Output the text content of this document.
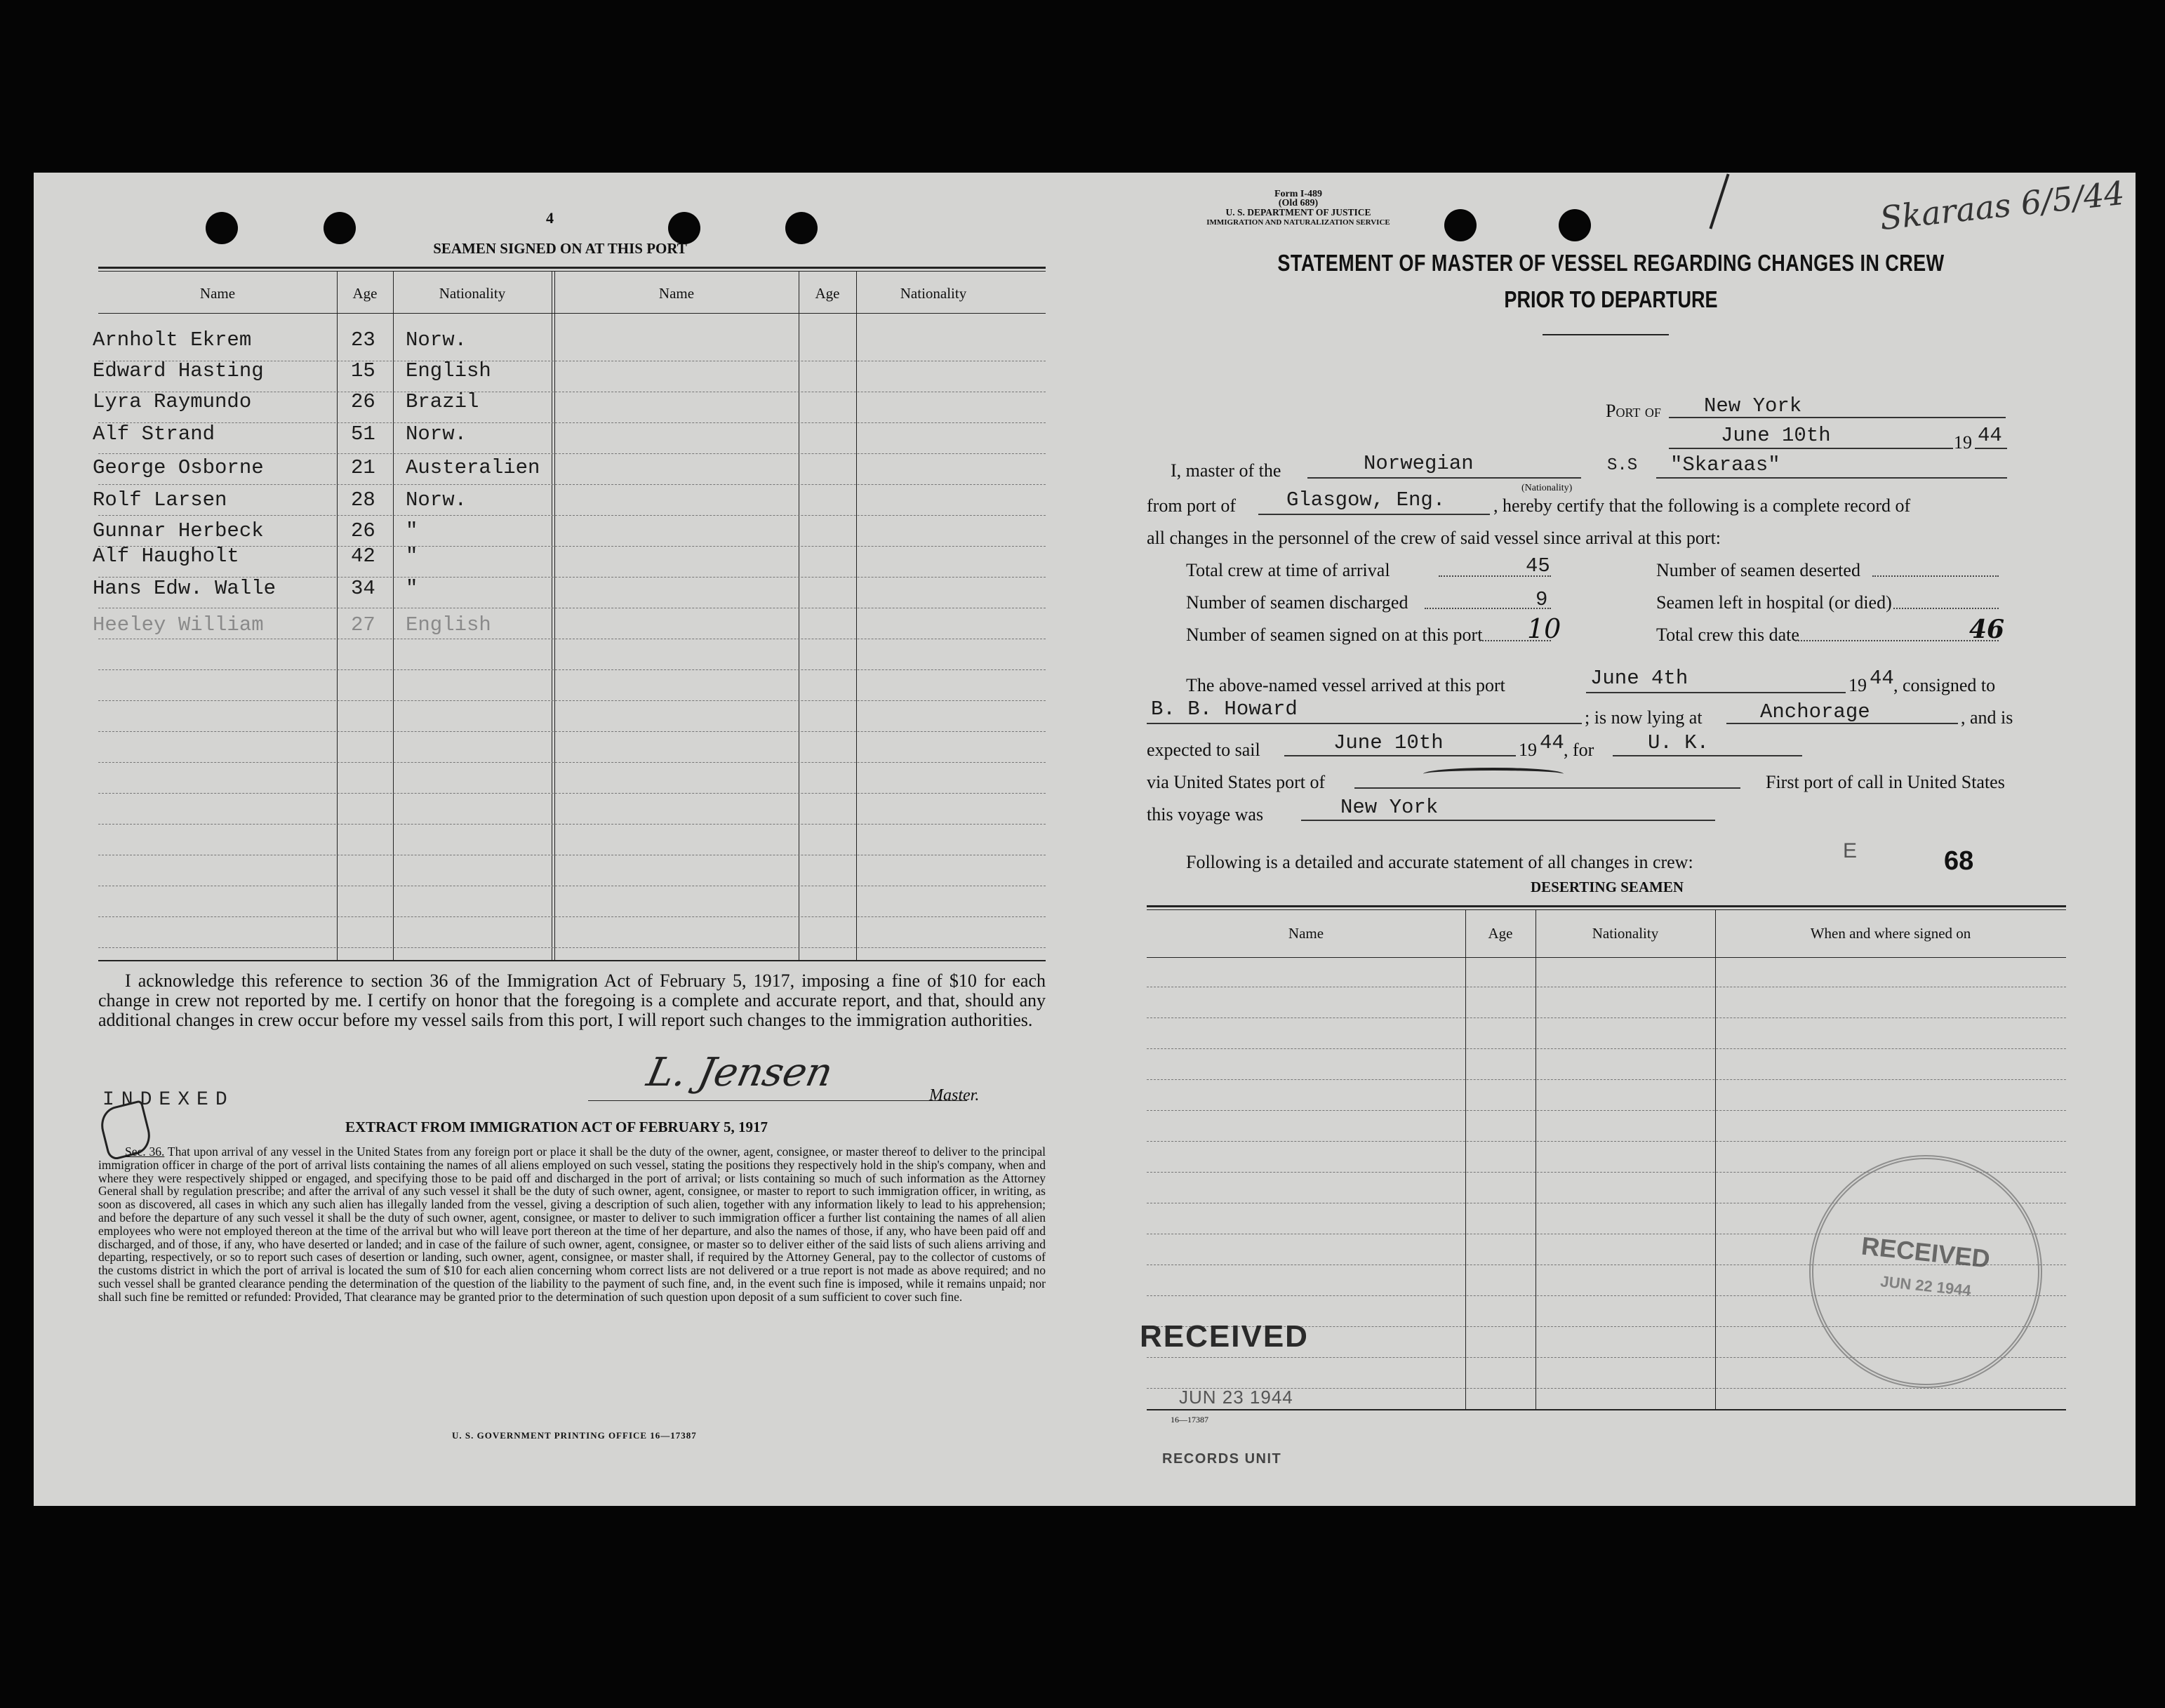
4
SEAMEN SIGNED ON AT THIS PORT
Name	Age	Nationality	Name	Age	Nationality
Arnholt Ekrem	23 Norw.
Edward Hasting	15 English
Lyra Raymundo	26 Brazil
Alf Strand	51 Norw.
George Osborne	21 Austeralien
Rolf Larsen	28 Norw.
Gunnar Herbeck	26 "
Alf Haugholt	42 "
Hans Edw. Walle	34 "
Heeley William	27 English
I acknowledge this reference to section 36 of the Immigration Act of February 5, 1917, imposing a fine of $10 for each change in crew not reported by me. I certify on honor that the foregoing is a complete and accurate report, and that, should any additional changes in crew occur before my vessel sails from this port, I will report such changes to the immigration authorities.
L. Jensen	Master.
INDEXED
EXTRACT FROM IMMIGRATION ACT OF FEBRUARY 5, 1917
Sec. 36. That upon arrival of any vessel in the United States from any foreign port or place it shall be the duty of the owner, agent, consignee, or master thereof to deliver to the principal immigration officer in charge of the port of arrival lists containing the names of all aliens employed on such vessel, stating the positions they respectively hold in the ship's company, when and where they were respectively shipped or engaged, and specifying those to be paid off and discharged in the port of arrival; or lists containing so much of such information as the Attorney General shall by regulation prescribe; and after the arrival of any such vessel it shall be the duty of such owner, agent, consignee, or master to report to such immigration officer, in writing, as soon as discovered, all cases in which any such alien has illegally landed from the vessel, giving a description of such alien, together with any information likely to lead to his apprehension; and before the departure of any such vessel it shall be the duty of such owner, agent, consignee, or master to deliver to such immigration officer a further list containing the names of all alien employees who were not employed thereon at the time of the arrival but who will leave port thereon at the time of her departure, and also the names of those, if any, who have been paid off and discharged, and of those, if any, who have deserted or landed; and in case of the failure of such owner, agent, consignee, or master so to deliver either of the said lists of such aliens arriving and departing, respectively, or so to report such cases of desertion or landing, such owner, agent, consignee, or master shall, if required by the Attorney General, pay to the collector of customs of the customs district in which the port of arrival is located the sum of $10 for each alien concerning whom correct lists are not delivered or a true report is not made as above required; and no such vessel shall be granted clearance pending the determination of the question of the liability to the payment of such fine, and, in the event such fine is imposed, while it remains unpaid; nor shall such fine be remitted or refunded: Provided, That clearance may be granted prior to the determination of such question upon deposit of a sum sufficient to cover such fine.
U. S. GOVERNMENT PRINTING OFFICE 16—17387
Form I-489
(Old 689)
U. S. DEPARTMENT OF JUSTICE
IMMIGRATION AND NATURALIZATION SERVICE	Skaraas 6/5/44
STATEMENT OF MASTER OF VESSEL REGARDING CHANGES IN CREW
PRIOR TO DEPARTURE
Port of New York
June 10th	19 44
I, master of the	Norwegian
(Nationality)
S.S "Skaraas"
from port of Glasgow, Eng.	, hereby certify that the following is a complete record of
all changes in the personnel of the crew of said vessel since arrival at this port:
Total crew at time of arrival	45
Number of seamen discharged	9
Number of seamen signed on at this port 10
Number of seamen deserted
Seamen left in hospital (or died)
Total crew this date	46
The above-named vessel arrived at this port	June 4th	19 44 , consigned to
B. B. Howard	; is now lying at	Anchorage	, and is
expected to sail	June 10th	19 44 , for	U. K.
via United States port of	First port of call in United States
this voyage was	New York
Following is a detailed and accurate statement of all changes in crew:	E	68
DESERTING SEAMEN
Name	Age	Nationality	When and where signed on
RECEIVED
JUN 22 1944
RECEIVED
JUN 23 1944
16—17387
RECORDS UNIT
